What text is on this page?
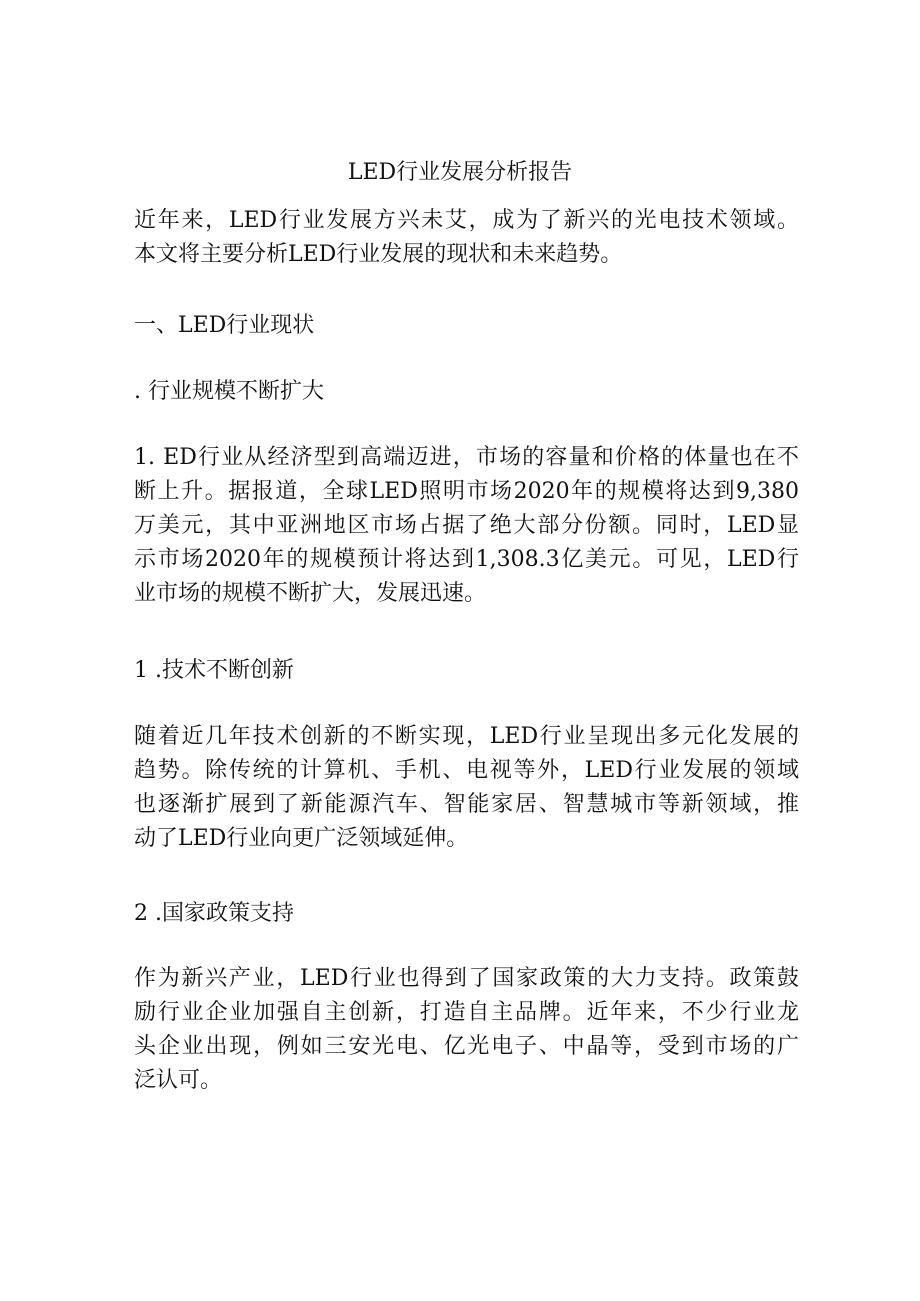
LED行业发展分析报告

近年来，LED行业发展方兴未艾，成为了新兴的光电技术领域。
本文将主要分析LED行业发展的现状和未来趋势。

一、LED行业现状
. 行业规模不断扩大

1. ED行业从经济型到高端迈进，市场的容量和价格的体量也在不
断上升。据报道，全球LED照明市场2020年的规模将达到9,380
万美元，其中亚洲地区市场占据了绝大部分份额。同时，LED显
示市场2020年的规模预计将达到1,308.3亿美元。可见，LED行
业市场的规模不断扩大，发展迅速。

1 .技术不断创新

随着近几年技术创新的不断实现，LED行业呈现出多元化发展的
趋势。除传统的计算机、手机、电视等外，LED行业发展的领域
也逐渐扩展到了新能源汽车、智能家居、智慧城市等新领域，推
动了LED行业向更广泛领域延伸。

2 .国家政策支持

作为新兴产业，LED行业也得到了国家政策的大力支持。政策鼓
励行业企业加强自主创新，打造自主品牌。近年来，不少行业龙
头企业出现，例如三安光电、亿光电子、中晶等，受到市场的广
泛认可。
